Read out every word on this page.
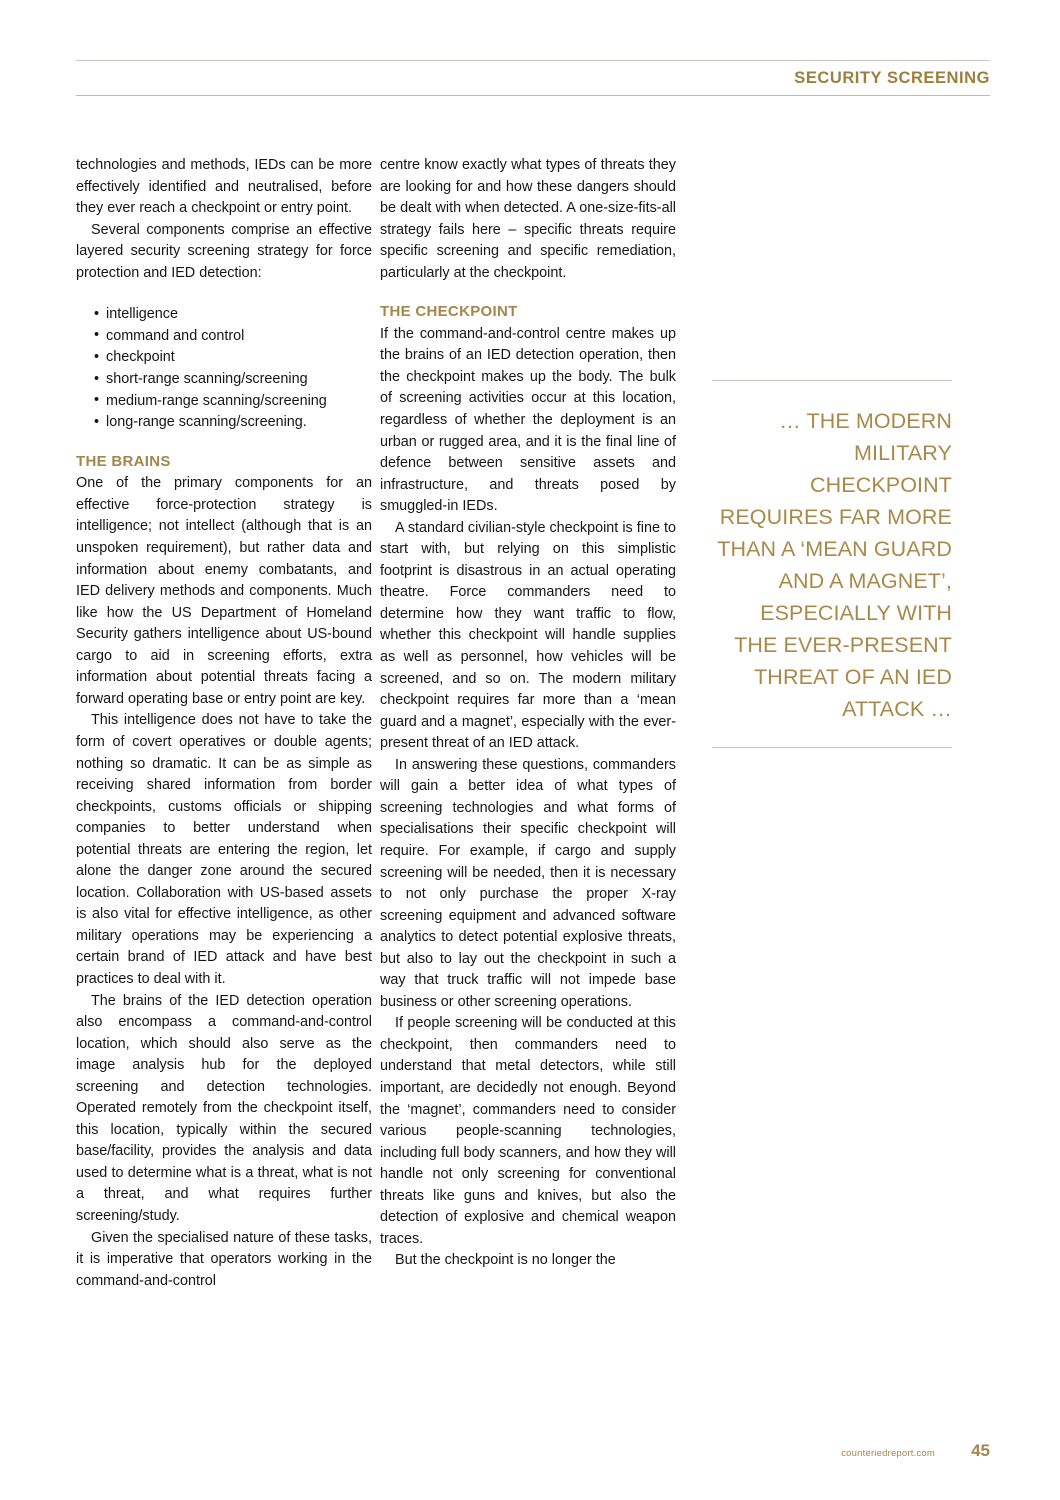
SECURITY SCREENING

technologies and methods, IEDs can be more effectively identified and neutralised, before they ever reach a checkpoint or entry point.

Several components comprise an effective layered security screening strategy for force protection and IED detection:

• intelligence
• command and control
• checkpoint
• short-range scanning/screening
• medium-range scanning/screening
• long-range scanning/screening.
THE BRAINS

One of the primary components for an effective force-protection strategy is intelligence; not intellect (although that is an unspoken requirement), but rather data and information about enemy combatants, and IED delivery methods and components. Much like how the US Department of Homeland Security gathers intelligence about US-bound cargo to aid in screening efforts, extra information about potential threats facing a forward operating base or entry point are key.

This intelligence does not have to take the form of covert operatives or double agents; nothing so dramatic. It can be as simple as receiving shared information from border checkpoints, customs officials or shipping companies to better understand when potential threats are entering the region, let alone the danger zone around the secured location. Collaboration with US-based assets is also vital for effective intelligence, as other military operations may be experiencing a certain brand of IED attack and have best practices to deal with it.

The brains of the IED detection operation also encompass a command-and-control location, which should also serve as the image analysis hub for the deployed screening and detection technologies. Operated remotely from the checkpoint itself, this location, typically within the secured base/facility, provides the analysis and data used to determine what is a threat, what is not a threat, and what requires further screening/study.

Given the specialised nature of these tasks, it is imperative that operators working in the command-and-control

centre know exactly what types of threats they are looking for and how these dangers should be dealt with when detected. A one-size-fits-all strategy fails here – specific threats require specific screening and specific remediation, particularly at the checkpoint.

THE CHECKPOINT

If the command-and-control centre makes up the brains of an IED detection operation, then the checkpoint makes up the body. The bulk of screening activities occur at this location, regardless of whether the deployment is an urban or rugged area, and it is the final line of defence between sensitive assets and infrastructure, and threats posed by smuggled-in IEDs.

A standard civilian-style checkpoint is fine to start with, but relying on this simplistic footprint is disastrous in an actual operating theatre. Force commanders need to determine how they want traffic to flow, whether this checkpoint will handle supplies as well as personnel, how vehicles will be screened, and so on. The modern military checkpoint requires far more than a ‘mean guard and a magnet’, especially with the ever-present threat of an IED attack.

In answering these questions, commanders will gain a better idea of what types of screening technologies and what forms of specialisations their specific checkpoint will require. For example, if cargo and supply screening will be needed, then it is necessary to not only purchase the proper X-ray screening equipment and advanced software analytics to detect potential explosive threats, but also to lay out the checkpoint in such a way that truck traffic will not impede base business or other screening operations.

If people screening will be conducted at this checkpoint, then commanders need to understand that metal detectors, while still important, are decidedly not enough. Beyond the ‘magnet’, commanders need to consider various people-scanning technologies, including full body scanners, and how they will handle not only screening for conventional threats like guns and knives, but also the detection of explosive and chemical weapon traces.

But the checkpoint is no longer the

… THE MODERN MILITARY CHECKPOINT REQUIRES FAR MORE THAN A ‘MEAN GUARD AND A MAGNET’, ESPECIALLY WITH THE EVER-PRESENT THREAT OF AN IED ATTACK …
counteriedreport.com 45
